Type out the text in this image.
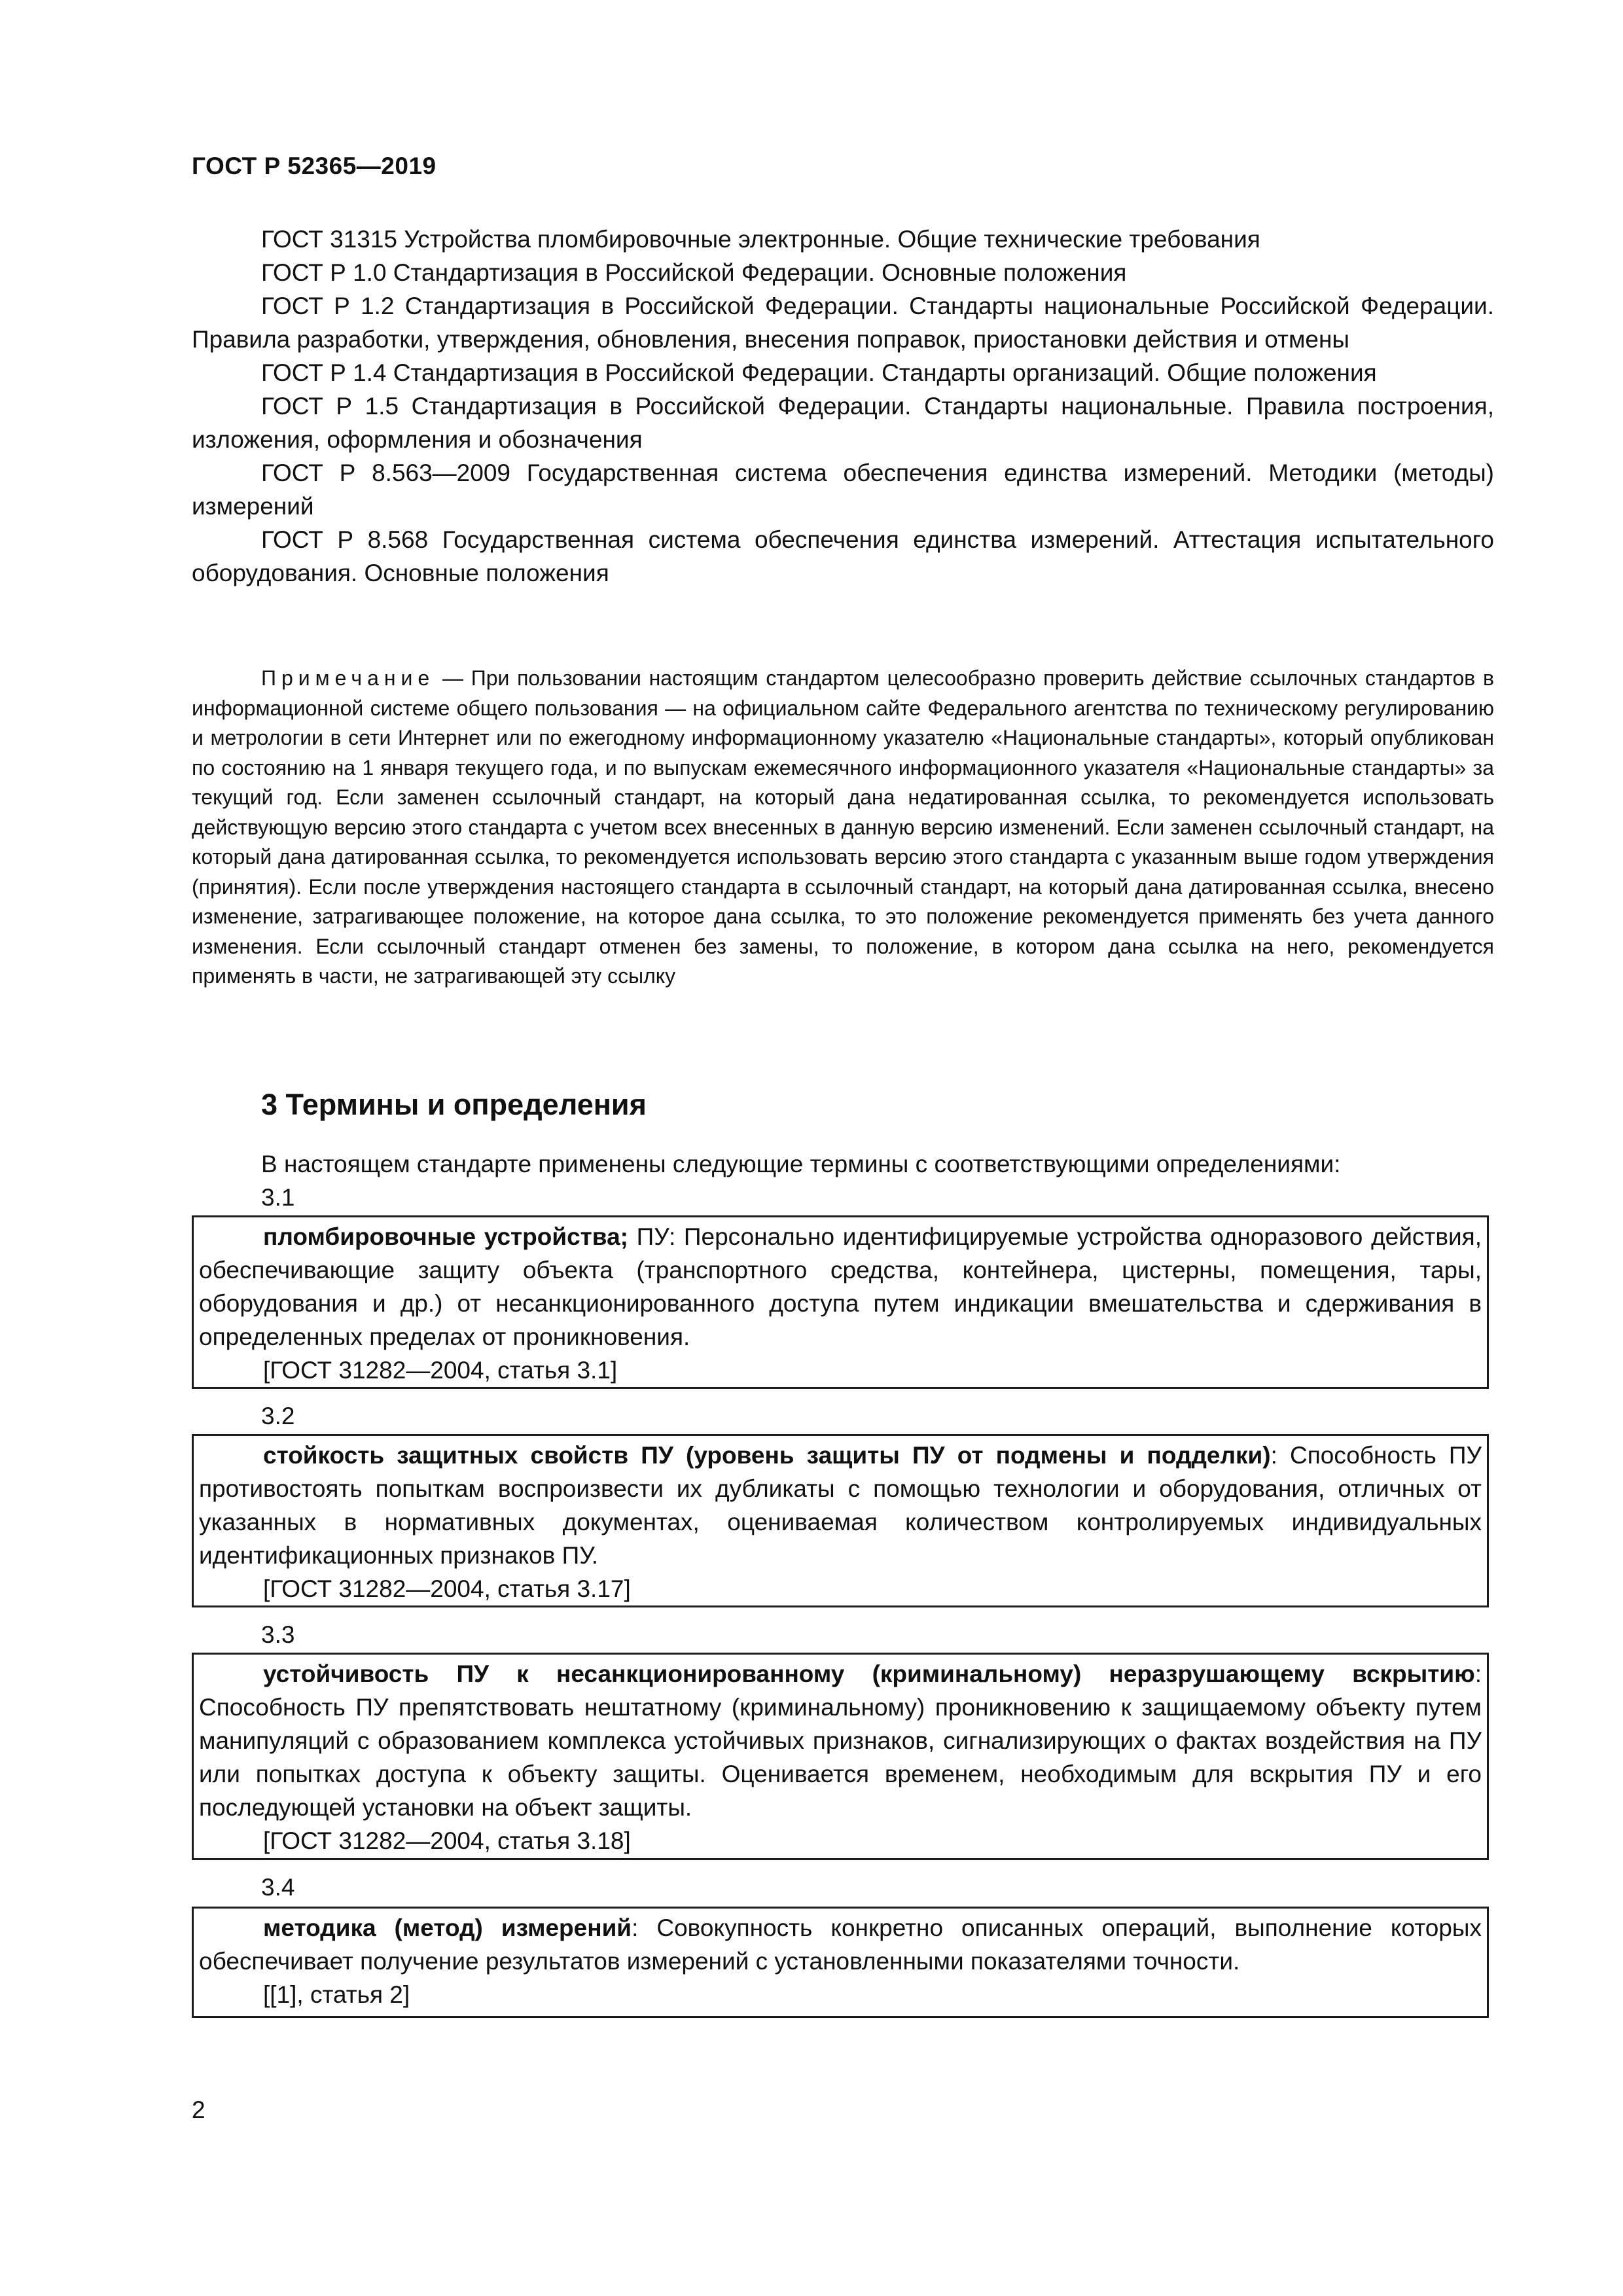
ГОСТ Р 52365—2019

ГОСТ 31315 Устройства пломбировочные электронные. Общие технические требования

ГОСТ Р 1.0 Стандартизация в Российской Федерации. Основные положения

ГОСТ Р 1.2 Стандартизация в Российской Федерации. Стандарты национальные Российской Федерации. Правила разработки, утверждения, обновления, внесения поправок, приостановки действия и отмены

ГОСТ Р 1.4 Стандартизация в Российской Федерации. Стандарты организаций. Общие положения

ГОСТ Р 1.5 Стандартизация в Российской Федерации. Стандарты национальные. Правила построения, изложения, оформления и обозначения

ГОСТ Р 8.563—2009 Государственная система обеспечения единства измерений. Методики (методы) измерений

ГОСТ Р 8.568 Государственная система обеспечения единства измерений. Аттестация испытательного оборудования. Основные положения

Примечание — При пользовании настоящим стандартом целесообразно проверить действие ссылочных стандартов в информационной системе общего пользования — на официальном сайте Федерального агентства по техническому регулированию и метрологии в сети Интернет или по ежегодному информационному указателю «Национальные стандарты», который опубликован по состоянию на 1 января текущего года, и по выпускам ежемесячного информационного указателя «Национальные стандарты» за текущий год. Если заменен ссылочный стандарт, на который дана недатированная ссылка, то рекомендуется использовать действующую версию этого стандарта с учетом всех внесенных в данную версию изменений. Если заменен ссылочный стандарт, на который дана датированная ссылка, то рекомендуется использовать версию этого стандарта с указанным выше годом утверждения (принятия). Если после утверждения настоящего стандарта в ссылочный стандарт, на который дана датированная ссылка, внесено изменение, затрагивающее положение, на которое дана ссылка, то это положение рекомендуется применять без учета данного изменения. Если ссылочный стандарт отменен без замены, то положение, в котором дана ссылка на него, рекомендуется применять в части, не затрагивающей эту ссылку

3 Термины и определения

В настоящем стандарте применены следующие термины с соответствующими определениями:

3.1

пломбировочные устройства; ПУ: Персонально идентифицируемые устройства одноразового действия, обеспечивающие защиту объекта (транспортного средства, контейнера, цистерны, помещения, тары, оборудования и др.) от несанкционированного доступа путем индикации вмешательства и сдерживания в определенных пределах от проникновения.

[ГОСТ 31282—2004, статья 3.1]

3.2

стойкость защитных свойств ПУ (уровень защиты ПУ от подмены и подделки): Способность ПУ противостоять попыткам воспроизвести их дубликаты с помощью технологии и оборудования, отличных от указанных в нормативных документах, оцениваемая количеством контролируемых индивидуальных идентификационных признаков ПУ.

[ГОСТ 31282—2004, статья 3.17]

3.3

устойчивость ПУ к несанкционированному (криминальному) неразрушающему вскрытию: Способность ПУ препятствовать нештатному (криминальному) проникновению к защищаемому объекту путем манипуляций с образованием комплекса устойчивых признаков, сигнализирующих о фактах воздействия на ПУ или попытках доступа к объекту защиты. Оценивается временем, необходимым для вскрытия ПУ и его последующей установки на объект защиты.

[ГОСТ 31282—2004, статья 3.18]

3.4

методика (метод) измерений: Совокупность конкретно описанных операций, выполнение которых обеспечивает получение результатов измерений с установленными показателями точности.

[[1], статья 2]

2
